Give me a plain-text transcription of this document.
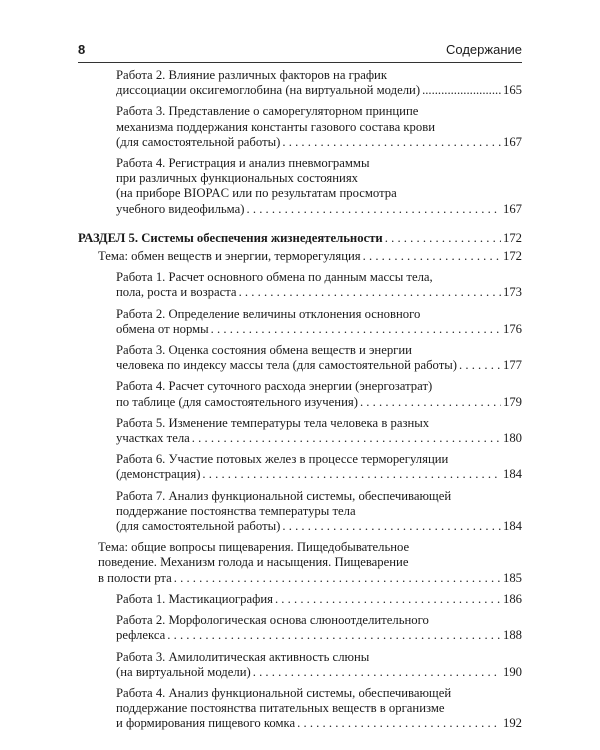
8	Содержание
Работа 2. Влияние различных факторов на график
диссоциации оксигемоглобина (на виртуальной модели) .....	165
Работа 3. Представление о саморегуляторном принципе
механизма поддержания константы газового состава крови
(для самостоятельной работы) . . .	167
Работа 4. Регистрация и анализ пневмограммы
при различных функциональных состояниях
(на приборе BIOPAC или по результатам просмотра
учебного видеофильма) . . .	167
РАЗДЕЛ 5. Системы обеспечения жизнедеятельности . . .	172
Тема: обмен веществ и энергии, терморегуляция . . .	172
Работа 1. Расчет основного обмена по данным массы тела,
пола, роста и возраста . . .	173
Работа 2. Определение величины отклонения основного
обмена от нормы . . .	176
Работа 3. Оценка состояния обмена веществ и энергии
человека по индексу массы тела (для самостоятельной работы) . . .	177
Работа 4. Расчет суточного расхода энергии (энергозатрат)
по таблице (для самостоятельного изучения) . . .	179
Работа 5. Изменение температуры тела человека в разных
участках тела . . .	180
Работа 6. Участие потовых желез в процессе терморегуляции
(демонстрация) . . .	184
Работа 7. Анализ функциональной системы, обеспечивающей
поддержание постоянства температуры тела
(для самостоятельной работы) . . .	184
Тема: общие вопросы пищеварения. Пищедобывательное
поведение. Механизм голода и насыщения. Пищеварение
в полости рта . . .	185
Работа 1. Мастикациография . . .	186
Работа 2. Морфологическая основа слюноотделительного
рефлекса . . .	188
Работа 3. Амилолитическая активность слюны
(на виртуальной модели) . . .	190
Работа 4. Анализ функциональной системы, обеспечивающей
поддержание постоянства питательных веществ в организме
и формирования пищевого комка . . .	192
